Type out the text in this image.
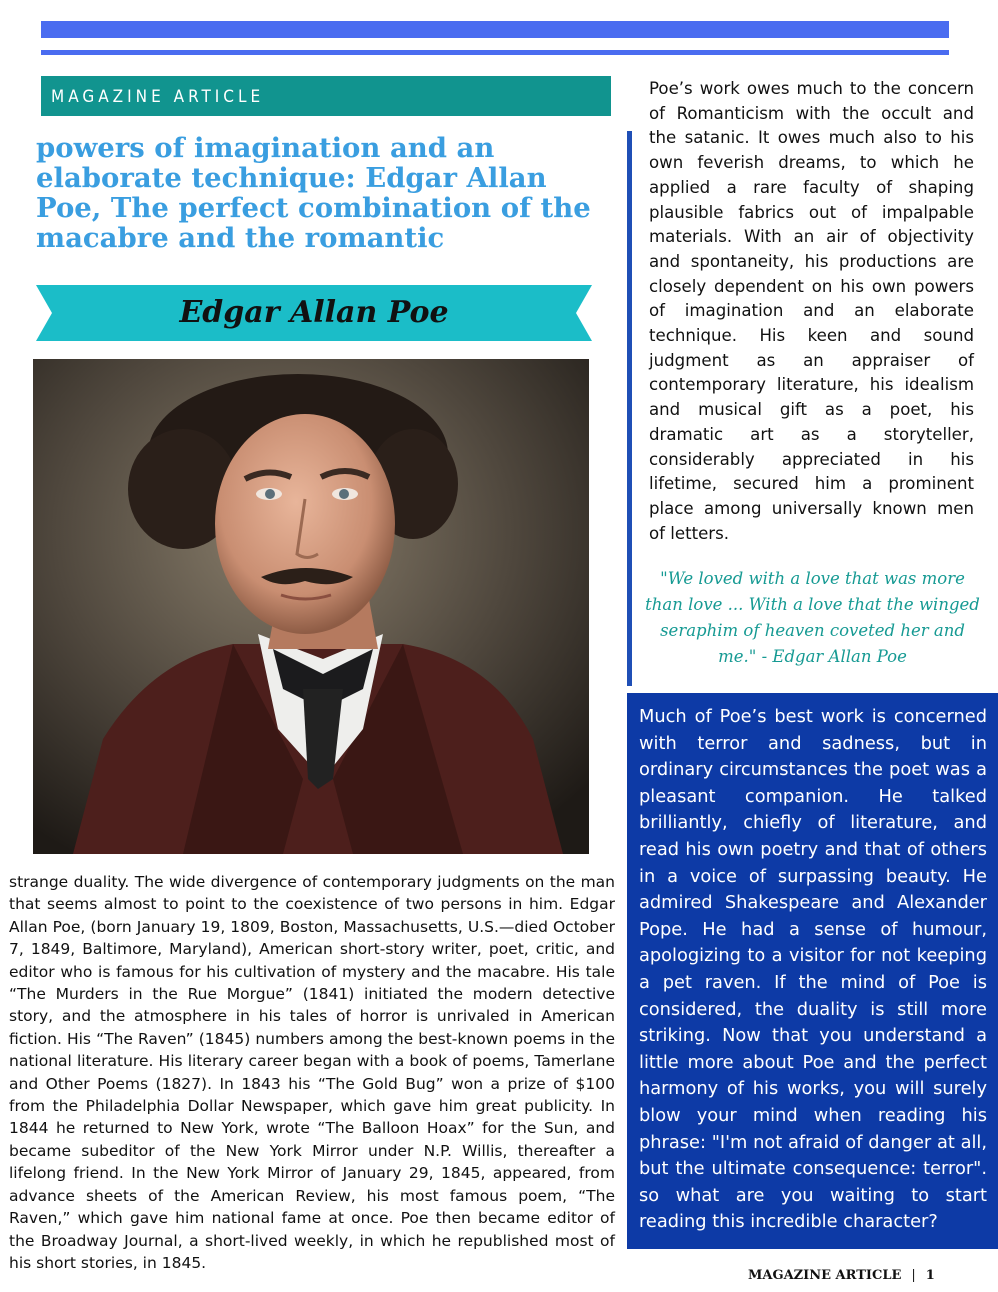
MAGAZINE ARTICLE
powers of imagination and an elaborate technique: Edgar Allan Poe, The perfect combination of the macabre and the romantic
Edgar Allan Poe

strange duality. The wide divergence of contemporary judgments on the man that seems almost to point to the coexistence of two persons in him. Edgar Allan Poe, (born January 19, 1809, Boston, Massachusetts, U.S.—died October 7, 1849, Baltimore, Maryland), American short-story writer, poet, critic, and editor who is famous for his cultivation of mystery and the macabre. His tale “The Murders in the Rue Morgue” (1841) initiated the modern detective story, and the atmosphere in his tales of horror is unrivaled in American fiction. His “The Raven” (1845) numbers among the best-known poems in the national literature. His literary career began with a book of poems, Tamerlane and Other Poems (1827). In 1843 his “The Gold Bug” won a prize of $100 from the Philadelphia Dollar Newspaper, which gave him great publicity. In 1844 he returned to New York, wrote “The Balloon Hoax” for the Sun, and became subeditor of the New York Mirror under N.P. Willis, thereafter a lifelong friend. In the New York Mirror of January 29, 1845, appeared, from advance sheets of the American Review, his most famous poem, “The Raven,” which gave him national fame at once. Poe then became editor of the Broadway Journal, a short-lived weekly, in which he republished most of his short stories, in 1845.

Poe’s work owes much to the concern of Romanticism with the occult and the satanic. It owes much also to his own feverish dreams, to which he applied a rare faculty of shaping plausible fabrics out of impalpable materials. With an air of objectivity and spontaneity, his productions are closely dependent on his own powers of imagination and an elaborate technique. His keen and sound judgment as an appraiser of contemporary literature, his idealism and musical gift as a poet, his dramatic art as a storyteller, considerably appreciated in his lifetime, secured him a prominent place among universally known men of letters.

"We loved with a love that was more than love ... With a love that the winged seraphim of heaven coveted her and me." - Edgar Allan Poe

Much of Poe’s best work is concerned with terror and sadness, but in ordinary circumstances the poet was a pleasant companion. He talked brilliantly, chiefly of literature, and read his own poetry and that of others in a voice of surpassing beauty. He admired Shakespeare and Alexander Pope. He had a sense of humour, apologizing to a visitor for not keeping a pet raven. If the mind of Poe is considered, the duality is still more striking. Now that you understand a little more about Poe and the perfect harmony of his works, you will surely blow your mind when reading his phrase: "I'm not afraid of danger at all, but the ultimate consequence: terror". so what are you waiting to start reading this incredible character?

MAGAZINE ARTICLE | 1
